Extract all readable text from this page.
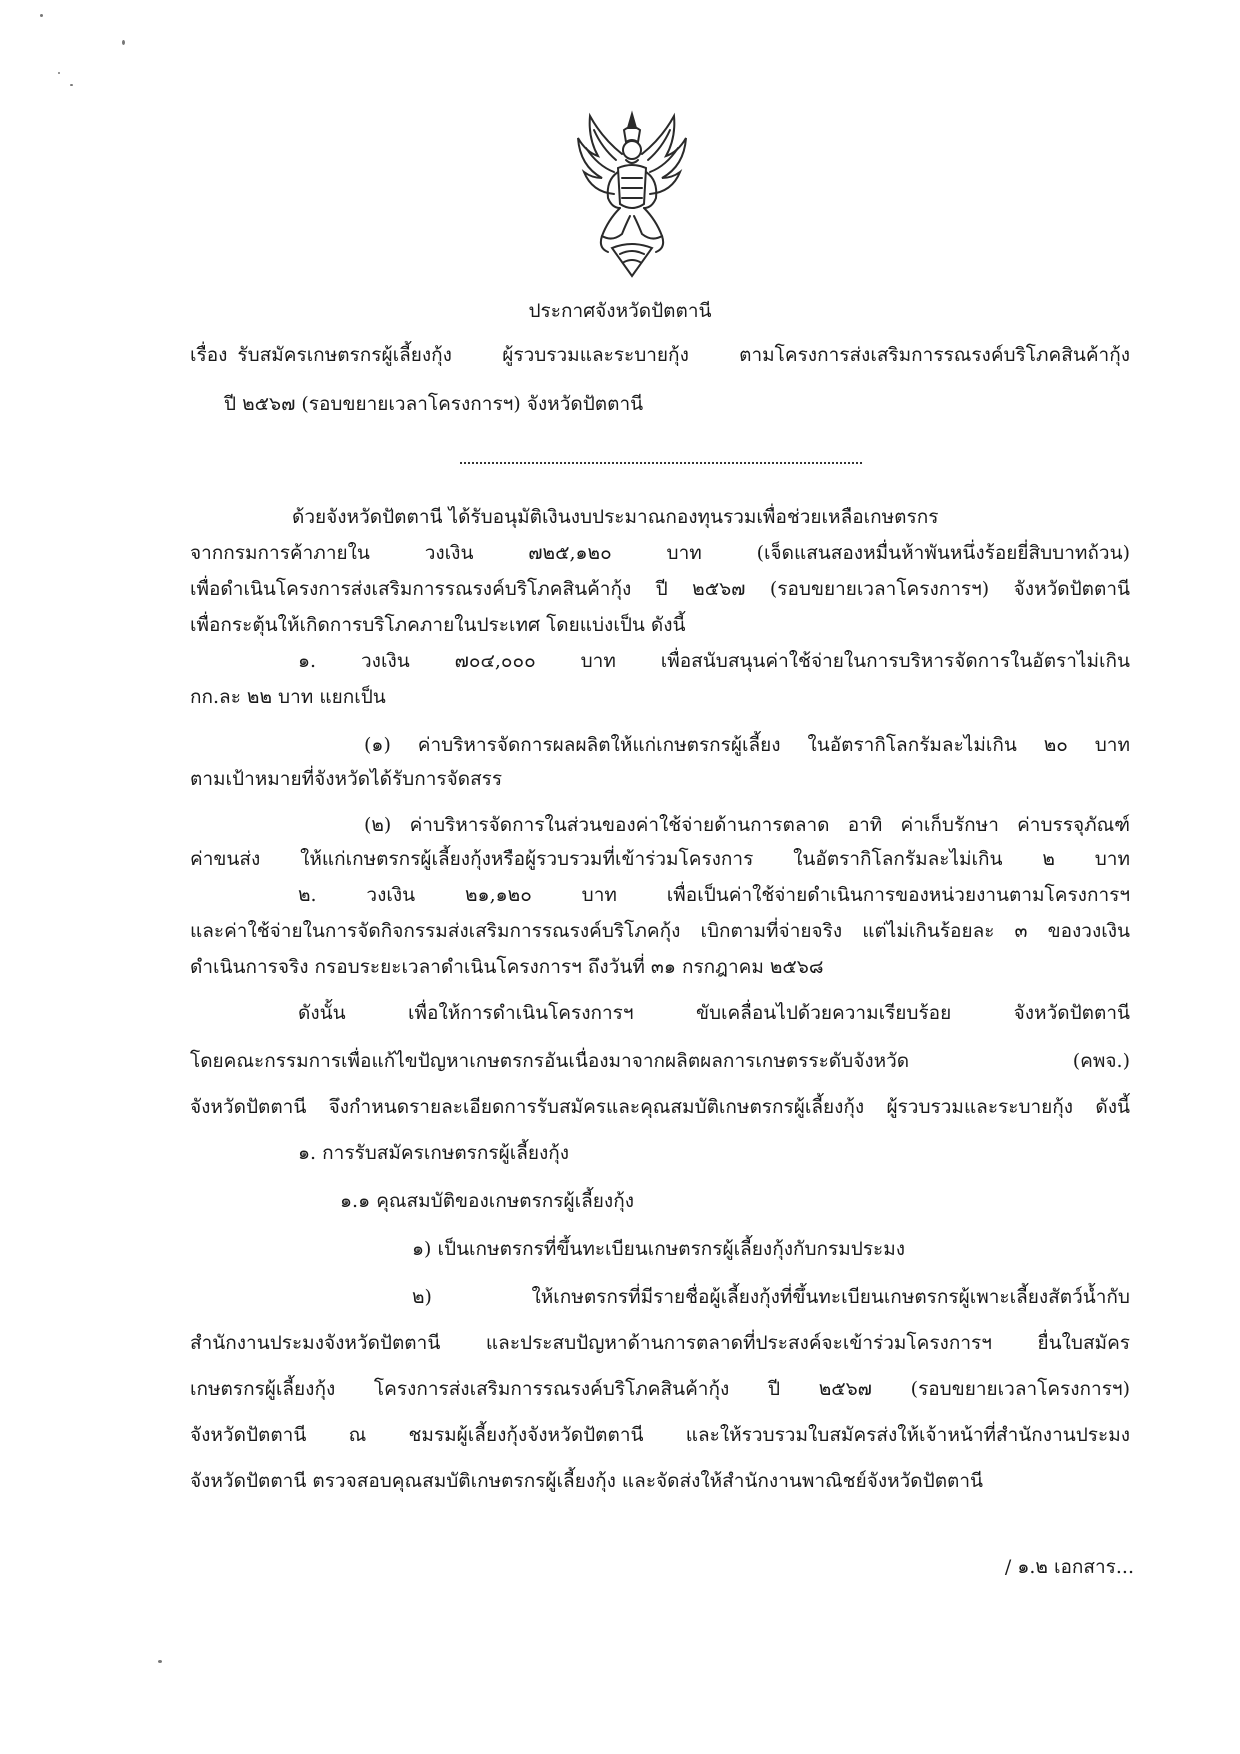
ประกาศจังหวัดปัตตานี
เรื่อง รับสมัครเกษตรกรผู้เลี้ยงกุ้ง ผู้รวบรวมและระบายกุ้ง ตามโครงการส่งเสริมการรณรงค์บริโภคสินค้ากุ้ง
ปี ๒๕๖๗ (รอบขยายเวลาโครงการฯ) จังหวัดปัตตานี
ด้วยจังหวัดปัตตานี ได้รับอนุมัติเงินงบประมาณกองทุนรวมเพื่อช่วยเหลือเกษตรกร
จากกรมการค้าภายใน วงเงิน ๗๒๕,๑๒๐ บาท (เจ็ดแสนสองหมื่นห้าพันหนึ่งร้อยยี่สิบบาทถ้วน)
เพื่อดำเนินโครงการส่งเสริมการรณรงค์บริโภคสินค้ากุ้ง ปี ๒๕๖๗ (รอบขยายเวลาโครงการฯ) จังหวัดปัตตานี
เพื่อกระตุ้นให้เกิดการบริโภคภายในประเทศ โดยแบ่งเป็น ดังนี้
๑. วงเงิน ๗๐๔,๐๐๐ บาท เพื่อสนับสนุนค่าใช้จ่ายในการบริหารจัดการในอัตราไม่เกิน
กก.ละ ๒๒ บาท แยกเป็น
(๑) ค่าบริหารจัดการผลผลิตให้แก่เกษตรกรผู้เลี้ยง ในอัตรากิโลกรัมละไม่เกิน ๒๐ บาท
ตามเป้าหมายที่จังหวัดได้รับการจัดสรร
(๒) ค่าบริหารจัดการในส่วนของค่าใช้จ่ายด้านการตลาด อาทิ ค่าเก็บรักษา ค่าบรรจุภัณฑ์
ค่าขนส่ง ให้แก่เกษตรกรผู้เลี้ยงกุ้งหรือผู้รวบรวมที่เข้าร่วมโครงการ ในอัตรากิโลกรัมละไม่เกิน ๒ บาท
๒. วงเงิน ๒๑,๑๒๐ บาท เพื่อเป็นค่าใช้จ่ายดำเนินการของหน่วยงานตามโครงการฯ
และค่าใช้จ่ายในการจัดกิจกรรมส่งเสริมการรณรงค์บริโภคกุ้ง เบิกตามที่จ่ายจริง แต่ไม่เกินร้อยละ ๓ ของวงเงิน
ดำเนินการจริง กรอบระยะเวลาดำเนินโครงการฯ ถึงวันที่ ๓๑ กรกฎาคม ๒๕๖๘
ดังนั้น เพื่อให้การดำเนินโครงการฯ ขับเคลื่อนไปด้วยความเรียบร้อย จังหวัดปัตตานี
โดยคณะกรรมการเพื่อแก้ไขปัญหาเกษตรกรอันเนื่องมาจากผลิตผลการเกษตรระดับจังหวัด (คพจ.)
จังหวัดปัตตานี จึงกำหนดรายละเอียดการรับสมัครและคุณสมบัติเกษตรกรผู้เลี้ยงกุ้ง ผู้รวบรวมและระบายกุ้ง ดังนี้
๑. การรับสมัครเกษตรกรผู้เลี้ยงกุ้ง
๑.๑ คุณสมบัติของเกษตรกรผู้เลี้ยงกุ้ง
๑) เป็นเกษตรกรที่ขึ้นทะเบียนเกษตรกรผู้เลี้ยงกุ้งกับกรมประมง
๒) ให้เกษตรกรที่มีรายชื่อผู้เลี้ยงกุ้งที่ขึ้นทะเบียนเกษตรกรผู้เพาะเลี้ยงสัตว์น้ำกับ
สำนักงานประมงจังหวัดปัตตานี และประสบปัญหาด้านการตลาดที่ประสงค์จะเข้าร่วมโครงการฯ ยื่นใบสมัคร
เกษตรกรผู้เลี้ยงกุ้ง โครงการส่งเสริมการรณรงค์บริโภคสินค้ากุ้ง ปี ๒๕๖๗ (รอบขยายเวลาโครงการฯ)
จังหวัดปัตตานี ณ ชมรมผู้เลี้ยงกุ้งจังหวัดปัตตานี และให้รวบรวมใบสมัครส่งให้เจ้าหน้าที่สำนักงานประมง
จังหวัดปัตตานี ตรวจสอบคุณสมบัติเกษตรกรผู้เลี้ยงกุ้ง และจัดส่งให้สำนักงานพาณิชย์จังหวัดปัตตานี
/ ๑.๒ เอกสาร...
